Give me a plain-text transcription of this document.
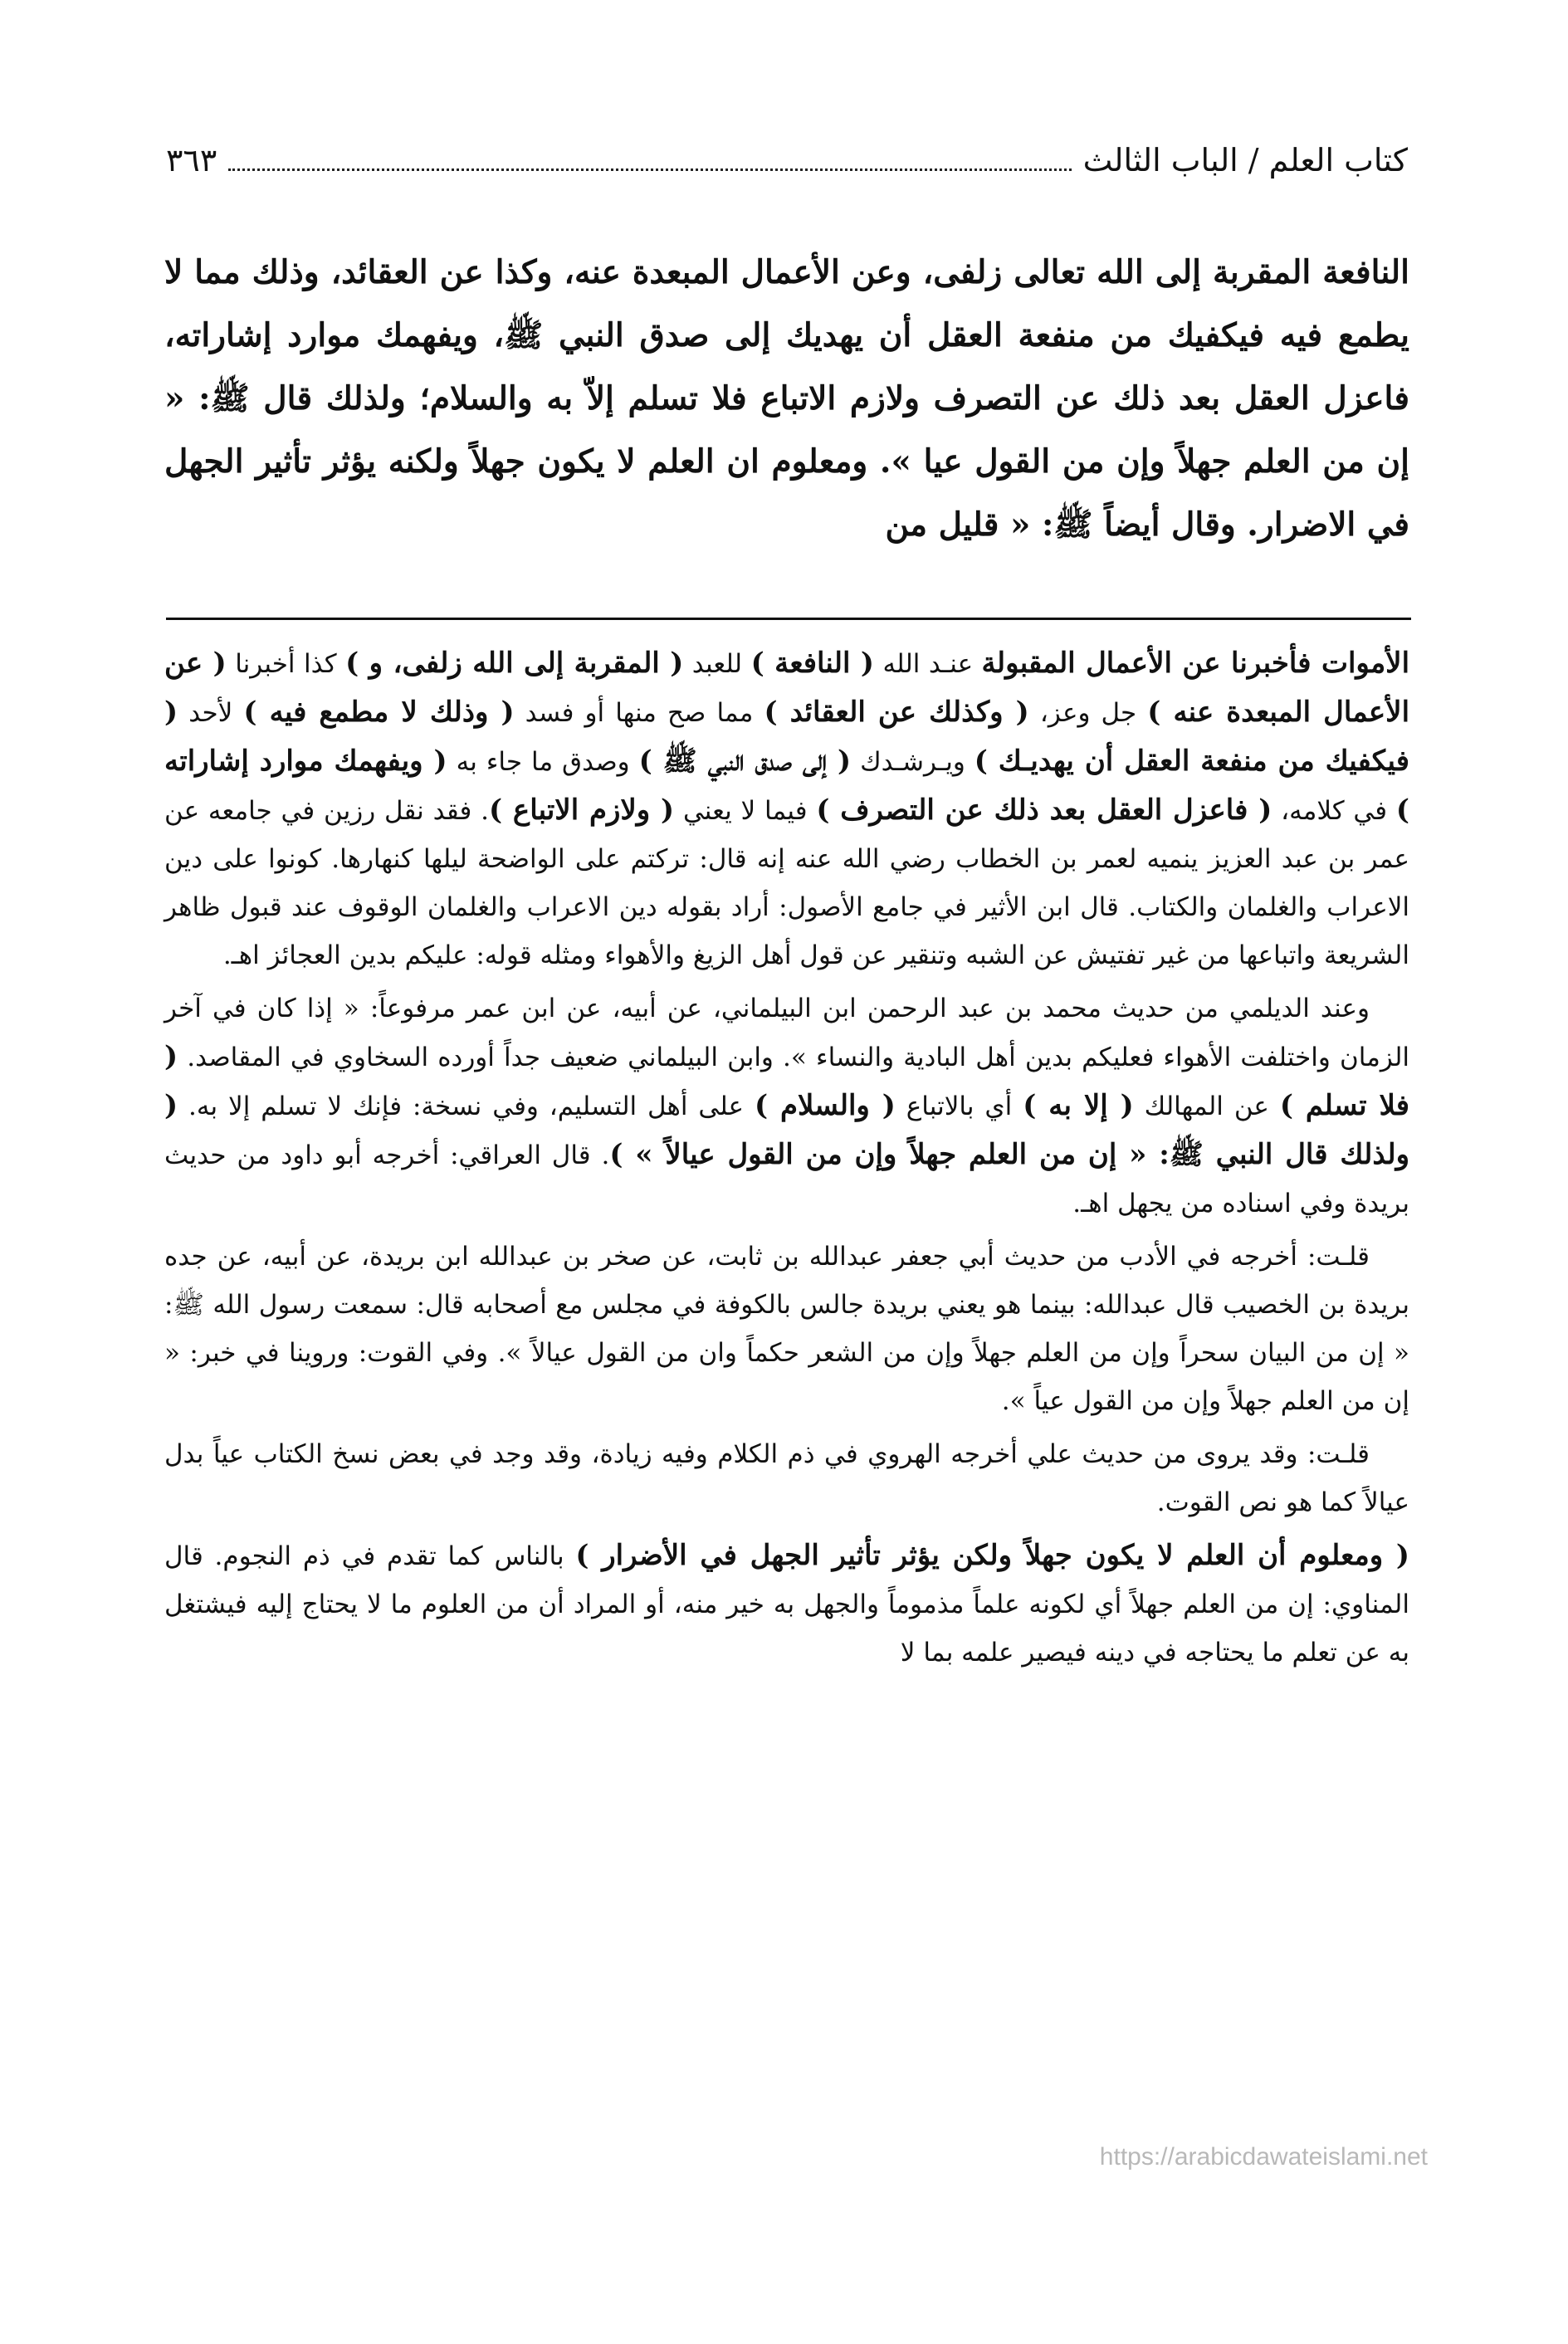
كتاب العلم / الباب الثالث
٣٦٣

النافعة المقربة إلى الله تعالى زلفى، وعن الأعمال المبعدة عنه، وكذا عن العقائد، وذلك مما لا يطمع فيه فيكفيك من منفعة العقل أن يهديك إلى صدق النبي ﷺ، ويفهمك موارد إشاراته، فاعزل العقل بعد ذلك عن التصرف ولازم الاتباع فلا تسلم إلاّ به والسلام؛ ولذلك قال ﷺ: « إن من العلم جهلاً وإن من القول عيا ». ومعلوم ان العلم لا يكون جهلاً ولكنه يؤثر تأثير الجهل في الاضرار. وقال أيضاً ﷺ: « قليل من

الأموات فأخبرنا عن الأعمال المقبولة عنـد الله ( النافعة ) للعبد ( المقربة إلى الله زلفى، و ) كذا أخبرنا ( عن الأعمال المبعدة عنه ) جل وعز، ( وكذلك عن العقائد ) مما صح منها أو فسد ( وذلك لا مطمع فيه ) لأحد ( فيكفيك من منفعة العقل أن يهديـك ) ويـرشـدك ( إلى صدق النبي ﷺ ) وصدق ما جاء به ( ويفهمك موارد إشاراته ) في كلامه، ( فاعزل العقل بعد ذلك عن التصرف ) فيما لا يعني ( ولازم الاتباع ). فقد نقل رزين في جامعه عن عمر بن عبد العزيز ينميه لعمر بن الخطاب رضي الله عنه إنه قال: تركتم على الواضحة ليلها كنهارها. كونوا على دين الاعراب والغلمان والكتاب. قال ابن الأثير في جامع الأصول: أراد بقوله دين الاعراب والغلمان الوقوف عند قبول ظاهر الشريعة واتباعها من غير تفتيش عن الشبه وتنقير عن قول أهل الزيغ والأهواء ومثله قوله: عليكم بدين العجائز اهـ.

وعند الديلمي من حديث محمد بن عبد الرحمن ابن البيلماني، عن أبيه، عن ابن عمر مرفوعاً: « إذا كان في آخر الزمان واختلفت الأهواء فعليكم بدين أهل البادية والنساء ». وابن البيلماني ضعيف جداً أورده السخاوي في المقاصد. ( فلا تسلم ) عن المهالك ( إلا به ) أي بالاتباع ( والسلام ) على أهل التسليم، وفي نسخة: فإنك لا تسلم إلا به. ( ولذلك قال النبي ﷺ: « إن من العلم جهلاً وإن من القول عيالاً » ). قال العراقي: أخرجه أبو داود من حديث بريدة وفي اسناده من يجهل اهـ.

قلـت: أخرجه في الأدب من حديث أبي جعفر عبدالله بن ثابت، عن صخر بن عبدالله ابن بريدة، عن أبيه، عن جده بريدة بن الخصيب قال عبدالله: بينما هو يعني بريدة جالس بالكوفة في مجلس مع أصحابه قال: سمعت رسول الله ﷺ: « إن من البيان سحراً وإن من العلم جهلاً وإن من الشعر حكماً وان من القول عيالاً ». وفي القوت: وروينا في خبر: « إن من العلم جهلاً وإن من القول عياً ».

قلـت: وقد يروى من حديث علي أخرجه الهروي في ذم الكلام وفيه زيادة، وقد وجد في بعض نسخ الكتاب عياً بدل عيالاً كما هو نص القوت.

( ومعلوم أن العلم لا يكون جهلاً ولكن يؤثر تأثير الجهل في الأضرار ) بالناس كما تقدم في ذم النجوم. قال المناوي: إن من العلم جهلاً أي لكونه علماً مذموماً والجهل به خير منه، أو المراد أن من العلوم ما لا يحتاج إليه فيشتغل به عن تعلم ما يحتاجه في دينه فيصير علمه بما لا

https://arabicdawateislami.net
